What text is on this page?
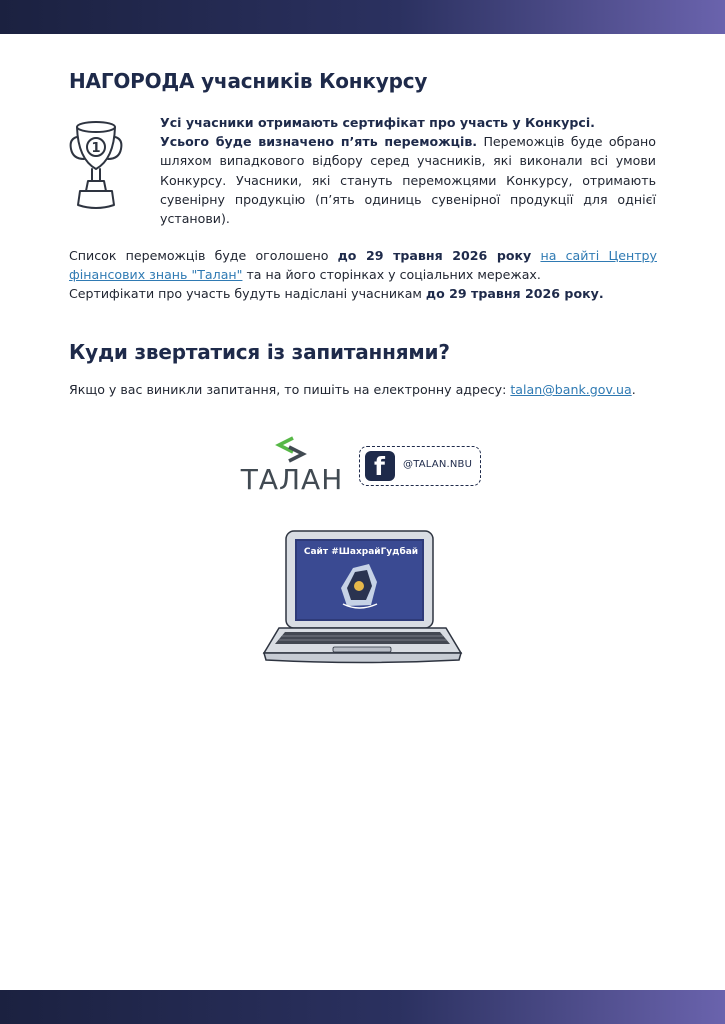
НАГОРОДА учасників Конкурсу
1

Усі учасники отримають сертифікат про участь у Конкурсі.
Усього буде визначено п’ять переможців. Переможців буде обрано шляхом випадкового відбору серед учасників, які виконали всі умови Конкурсу. Учасники, які стануть переможцями Конкурсу, отримають сувенірну продукцію (п’ять одиниць сувенірної продукції для однієї установи).

Список переможців буде оголошено до 29 травня 2026 року на сайті Центру фінансових знань "Талан" та на його сторінках у соціальних мережах.
Сертифікати про участь будуть надіслані учасникам до 29 травня 2026 року.

Куди звертатися із запитаннями?

Якщо у вас виникли запитання, то пишіть на електронну адресу: talan@bank.gov.ua.

ТАЛАН f @TALAN.NBU
Сайт #ШахрайГудбай
